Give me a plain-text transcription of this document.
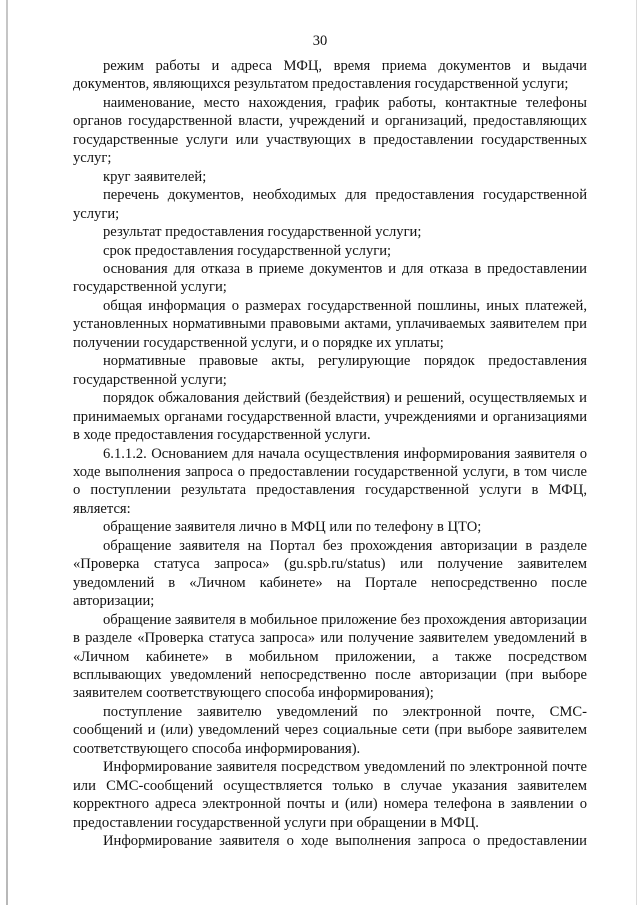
30

режим работы и адреса МФЦ, время приема документов и выдачи документов, являющихся результатом предоставления государственной услуги;

наименование, место нахождения, график работы, контактные телефоны органов государственной власти, учреждений и организаций, предоставляющих государственные услуги или участвующих в предоставлении государственных услуг;

круг заявителей;

перечень документов, необходимых для предоставления государственной услуги;

результат предоставления государственной услуги;

срок предоставления государственной услуги;

основания для отказа в приеме документов и для отказа в предоставлении государственной услуги;

общая информация о размерах государственной пошлины, иных платежей, установленных нормативными правовыми актами, уплачиваемых заявителем при получении государственной услуги, и о порядке их уплаты;

нормативные правовые акты, регулирующие порядок предоставления государственной услуги;

порядок обжалования действий (бездействия) и решений, осуществляемых и принимаемых органами государственной власти, учреждениями и организациями в ходе предоставления государственной услуги.

6.1.1.2. Основанием для начала осуществления информирования заявителя о ходе выполнения запроса о предоставлении государственной услуги, в том числе о поступлении результата предоставления государственной услуги в МФЦ, является:

обращение заявителя лично в МФЦ или по телефону в ЦТО;

обращение заявителя на Портал без прохождения авторизации в разделе «Проверка статуса запроса» (gu.spb.ru/status) или получение заявителем уведомлений в «Личном кабинете» на Портале непосредственно после авторизации;

обращение заявителя в мобильное приложение без прохождения авторизации в разделе «Проверка статуса запроса» или получение заявителем уведомлений в «Личном кабинете» в мобильном приложении, а также посредством всплывающих уведомлений непосредственно после авторизации (при выборе заявителем соответствующего способа информирования);

поступление заявителю уведомлений по электронной почте, СМС-сообщений и (или) уведомлений через социальные сети (при выборе заявителем соответствующего способа информирования).

Информирование заявителя посредством уведомлений по электронной почте или СМС-сообщений осуществляется только в случае указания заявителем корректного адреса электронной почты и (или) номера телефона в заявлении о предоставлении государственной услуги при обращении в МФЦ.

Информирование заявителя о ходе выполнения запроса о предоставлении
